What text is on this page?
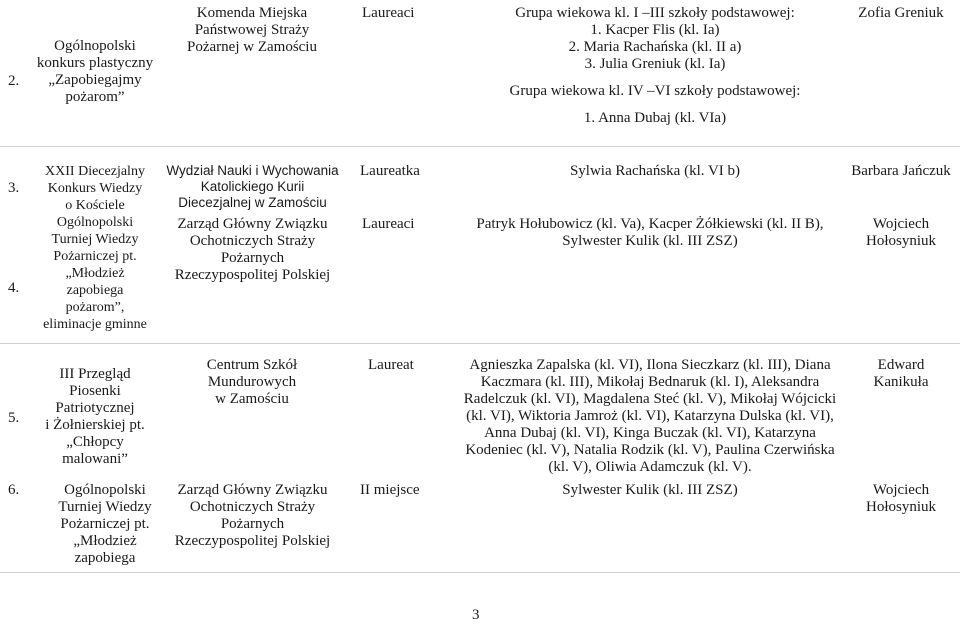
2.
Ogólnopolski
konkurs plastyczny
„Zapobiegajmy
pożarom”
Komenda Miejska
Państwowej Straży
Pożarnej w Zamościu
Laureaci	Grupa wiekowa kl. I –III szkoły podstawowej:
1. Kacper Flis (kl. Ia)
2. Maria Rachańska (kl. II a)
3. Julia Greniuk (kl. Ia)
Grupa wiekowa kl. IV –VI szkoły podstawowej:
1. Anna Dubaj (kl. VIa)
Zofia Greniuk
3.
4.
XXII Diecezjalny
Konkurs Wiedzy
o Kościele
Ogólnopolski
Turniej Wiedzy
Pożarniczej pt.
„Młodzież
zapobiega
pożarom”,
eliminacje gminne
Wydział Nauki i Wychowania
Katolickiego Kurii
Diecezjalnej w Zamościu
Zarząd Główny Związku
Ochotniczych Straży
Pożarnych
Rzeczypospolitej Polskiej
Laureatka
Laureaci
Sylwia Rachańska (kl. VI b)
Patryk Hołubowicz (kl. Va), Kacper Żółkiewski (kl. II B),
Sylwester Kulik (kl. III ZSZ)
Barbara Jańczuk
Wojciech
Hołosyniuk
5.
III Przegląd
Piosenki
Patriotycznej
i Żołnierskiej pt.
„Chłopcy
malowani”
6.	Ogólnopolski
Turniej Wiedzy
Pożarniczej pt.
„Młodzież
zapobiega
Centrum Szkół
Mundurowych
w Zamościu
Zarząd Główny Związku
Ochotniczych Straży
Pożarnych
Rzeczypospolitej Polskiej
Laureat
II miejsce
Agnieszka Zapalska (kl. VI), Ilona Sieczkarz (kl. III), Diana
Kaczmara (kl. III), Mikołaj Bednaruk (kl. I), Aleksandra
Radelczuk (kl. VI), Magdalena Steć (kl. V), Mikołaj Wójcicki
(kl. VI), Wiktoria Jamroż (kl. VI), Katarzyna Dulska (kl. VI),
Anna Dubaj (kl. VI), Kinga Buczak (kl. VI), Katarzyna
Kodeniec (kl. V), Natalia Rodzik (kl. V), Paulina Czerwińska
(kl. V), Oliwia Adamczuk (kl. V).
Sylwester Kulik (kl. III ZSZ)
Edward
Kanikuła
Wojciech
Hołosyniuk
3
